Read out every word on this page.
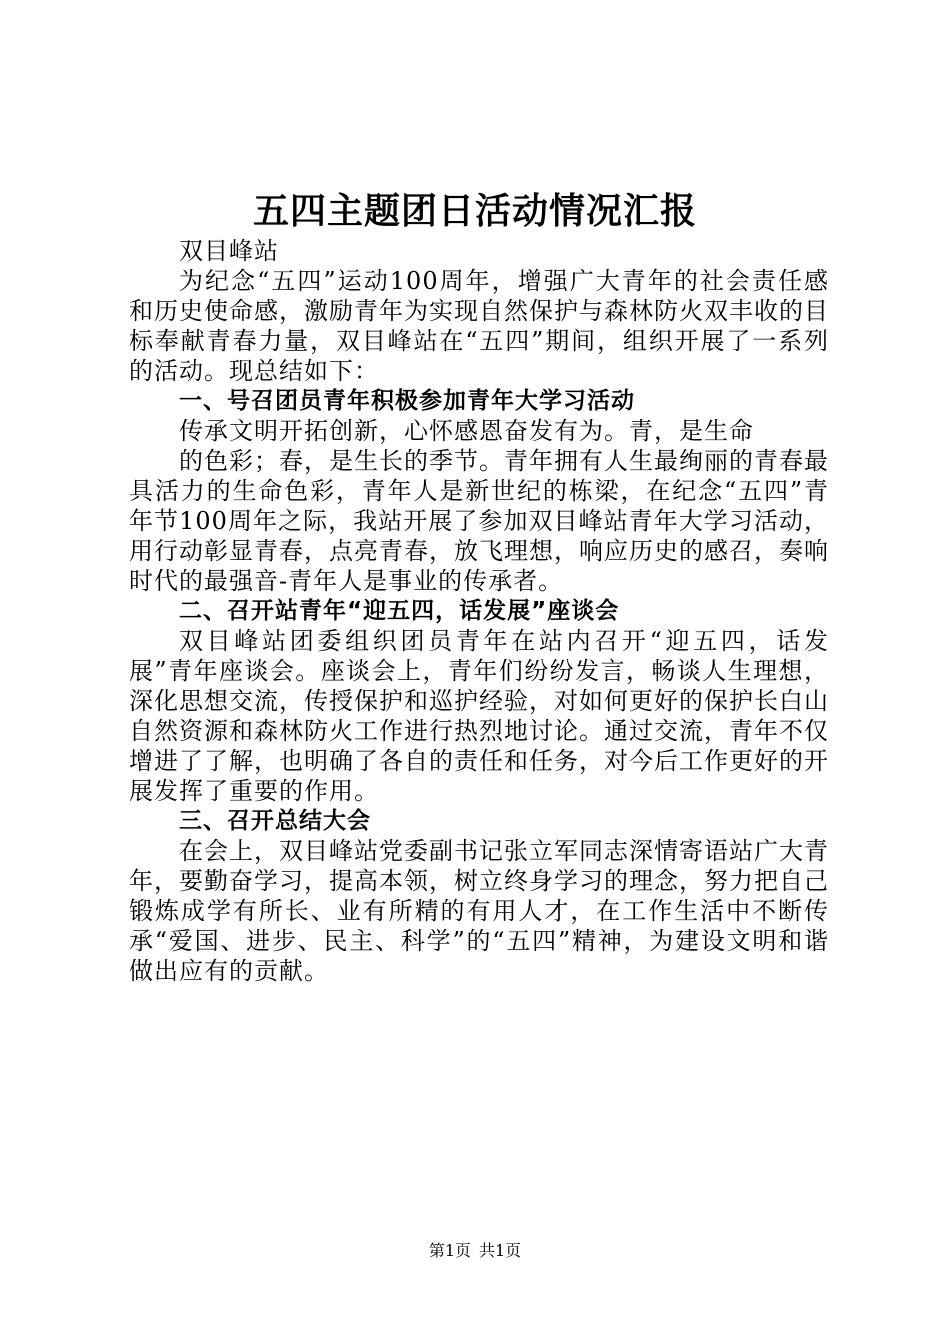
五四主题团日活动情况汇报

双目峰站

为纪念“五四”运动100周年，增强广大青年的社会责任感和历史使命感，激励青年为实现自然保护与森林防火双丰收的目标奉献青春力量，双目峰站在“五四”期间，组织开展了一系列的活动。现总结如下：

一、号召团员青年积极参加青年大学习活动

传承文明开拓创新，心怀感恩奋发有为。青，是生命

的色彩；春，是生长的季节。青年拥有人生最绚丽的青春最具活力的生命色彩，青年人是新世纪的栋梁，在纪念“五四”青年节100周年之际，我站开展了参加双目峰站青年大学习活动，用行动彰显青春，点亮青春，放飞理想，响应历史的感召，奏响时代的最强音-青年人是事业的传承者。

二、召开站青年“迎五四，话发展”座谈会

双目峰站团委组织团员青年在站内召开“迎五四，话发展”青年座谈会。座谈会上，青年们纷纷发言，畅谈人生理想，深化思想交流，传授保护和巡护经验，对如何更好的保护长白山自然资源和森林防火工作进行热烈地讨论。通过交流，青年不仅增进了了解，也明确了各自的责任和任务，对今后工作更好的开展发挥了重要的作用。

三、召开总结大会

在会上，双目峰站党委副书记张立军同志深情寄语站广大青年，要勤奋学习，提高本领，树立终身学习的理念，努力把自己锻炼成学有所长、业有所精的有用人才，在工作生活中不断传承“爱国、进步、民主、科学”的“五四”精神，为建设文明和谐做出应有的贡献。

第1页 共1页
